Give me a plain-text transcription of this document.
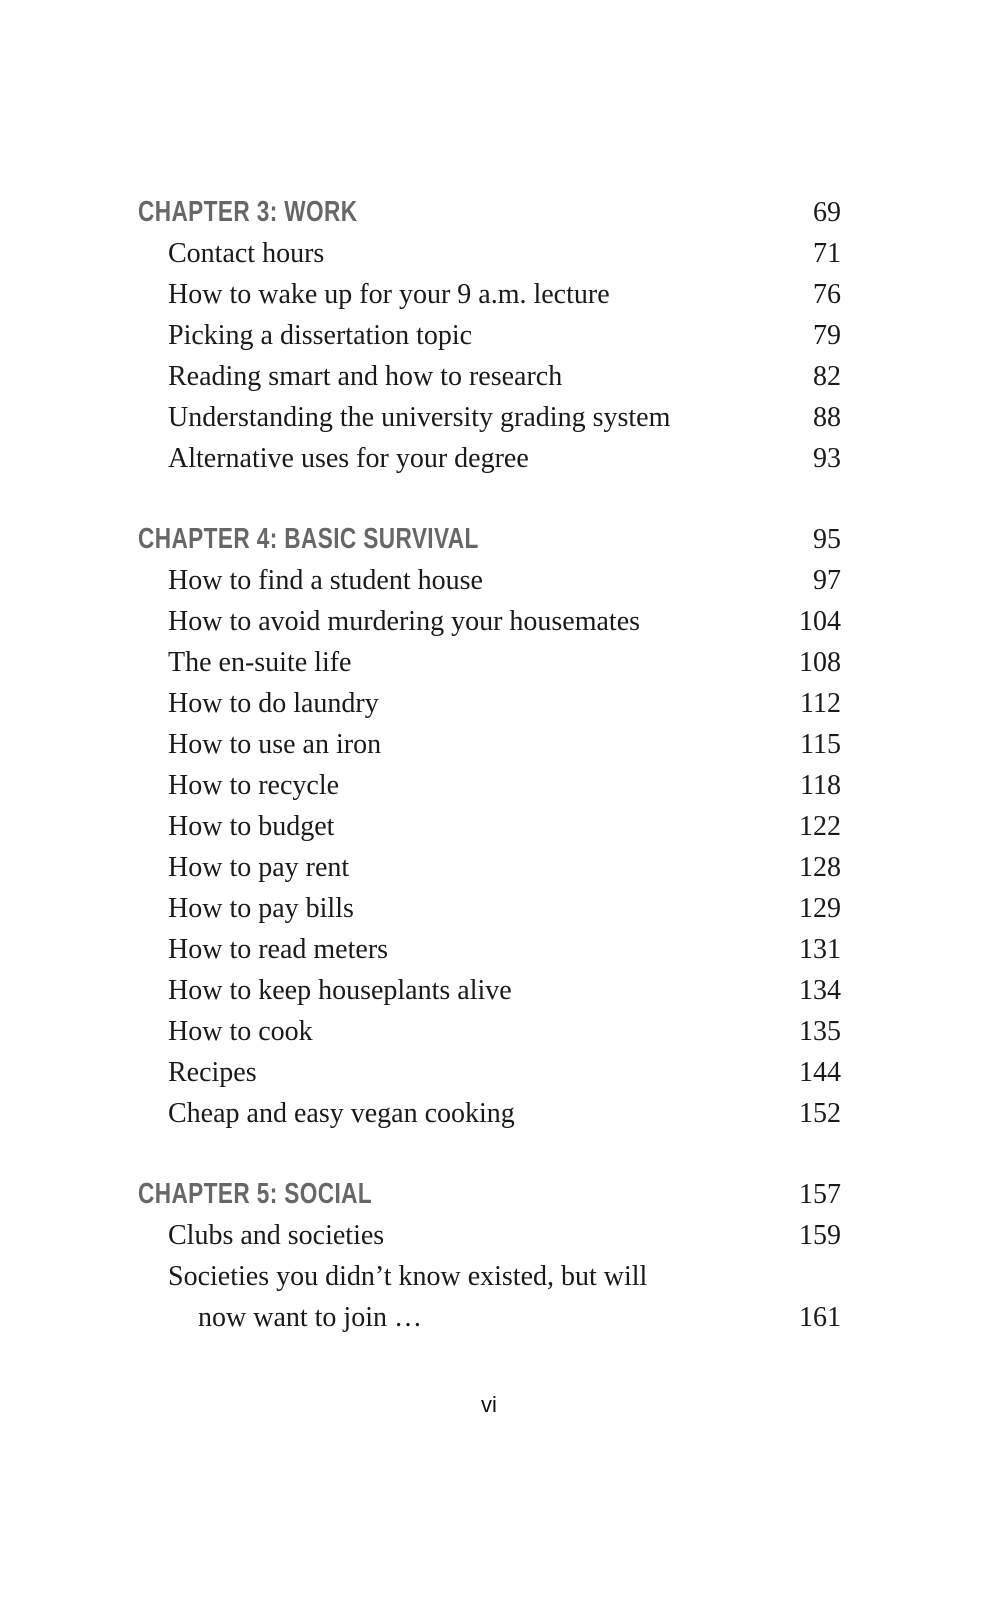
CHAPTER 3: WORK	69
Contact hours	71
How to wake up for your 9 a.m. lecture	76
Picking a dissertation topic	79
Reading smart and how to research	82
Understanding the university grading system	88
Alternative uses for your degree	93
CHAPTER 4: BASIC SURVIVAL	95
How to find a student house	97
How to avoid murdering your housemates	104
The en-suite life	108
How to do laundry	112
How to use an iron	115
How to recycle	118
How to budget	122
How to pay rent	128
How to pay bills	129
How to read meters	131
How to keep houseplants alive	134
How to cook	135
Recipes	144
Cheap and easy vegan cooking	152
CHAPTER 5: SOCIAL	157
Clubs and societies	159
Societies you didn’t know existed, but will
now want to join …	161
vi
